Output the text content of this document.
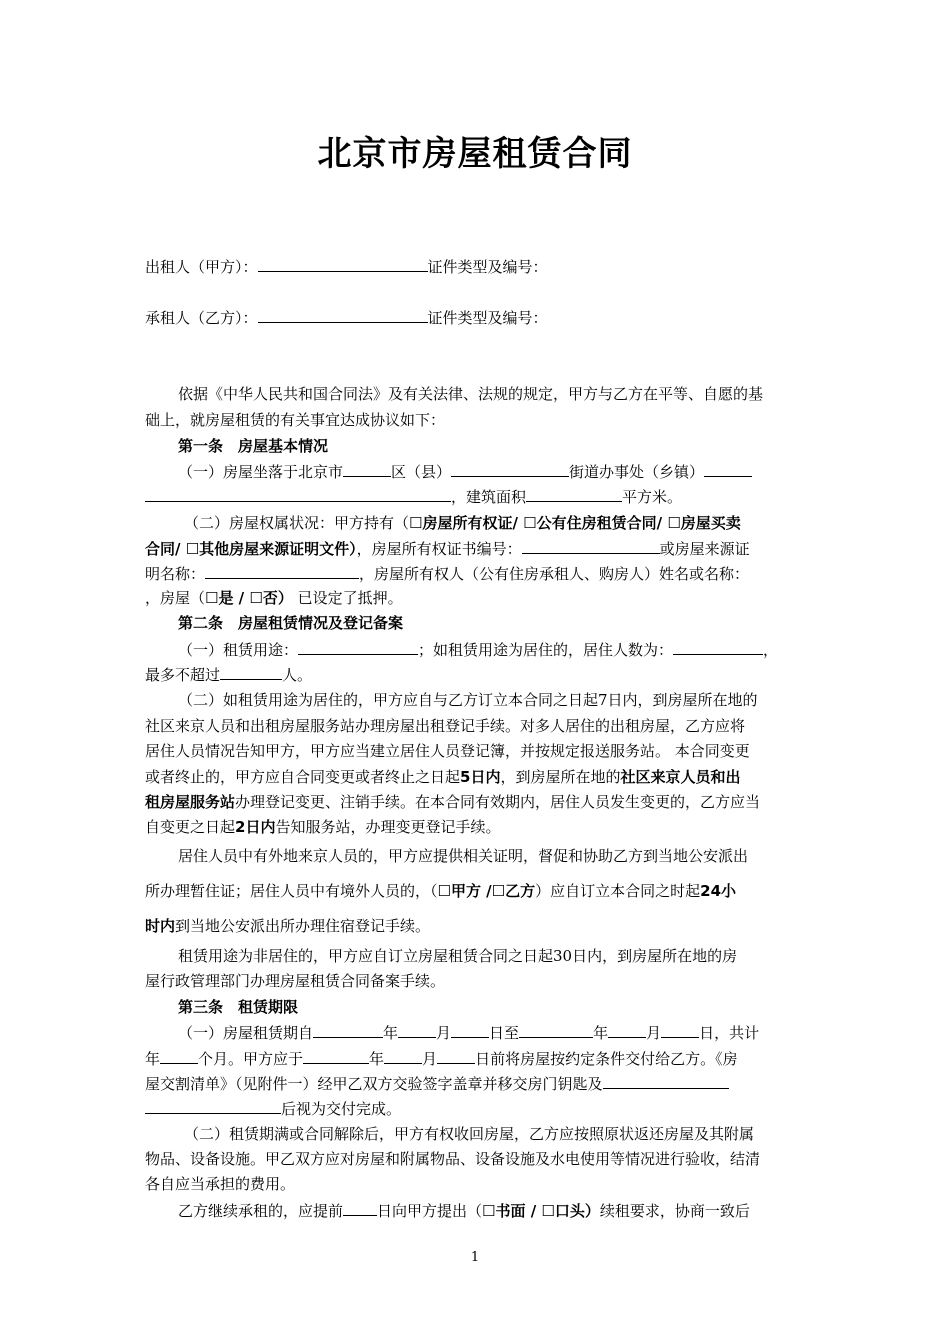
北京市房屋租赁合同
出租人（甲方）：	证件类型及编号：
承租人（乙方）：	证件类型及编号：
依据《中华人民共和国合同法》及有关法律、法规的规定，甲方与乙方在平等、自愿的基
础上，就房屋租赁的有关事宜达成协议如下：
第一条　房屋基本情况
（一）房屋坐落于北京市	区（县）	街道办事处（乡镇）
，建筑面积	平方米。
（二）房屋权属状况：甲方持有（☐房屋所有权证/ ☐公有住房租赁合同/ ☐房屋买卖
合同/ ☐其他房屋来源证明文件），房屋所有权证书编号：	或房屋来源证
明名称：	，房屋所有权人（公有住房承租人、购房人）姓名或名称：
，房屋（☐是 / ☐否） 已设定了抵押。
第二条　房屋租赁情况及登记备案
（一）租赁用途：	；如租赁用途为居住的，居住人数为：	，
最多不超过	人。
（二）如租赁用途为居住的，甲方应自与乙方订立本合同之日起7日内，到房屋所在地的
社区来京人员和出租房屋服务站办理房屋出租登记手续。对多人居住的出租房屋，乙方应将
居住人员情况告知甲方，甲方应当建立居住人员登记簿，并按规定报送服务站。 本合同变更
或者终止的，甲方应自合同变更或者终止之日起5日内，到房屋所在地的社区来京人员和出
租房屋服务站办理登记变更、注销手续。在本合同有效期内，居住人员发生变更的，乙方应当
自变更之日起2日内告知服务站，办理变更登记手续。
居住人员中有外地来京人员的，甲方应提供相关证明，督促和协助乙方到当地公安派出
所办理暂住证；居住人员中有境外人员的，（☐甲方 /☐乙方）应自订立本合同之时起24小
时内到当地公安派出所办理住宿登记手续。
租赁用途为非居住的，甲方应自订立房屋租赁合同之日起30日内，到房屋所在地的房
屋行政管理部门办理房屋租赁合同备案手续。
第三条　租赁期限
（一）房屋租赁期自	年	月	日至	年	月	日，共计
年	个月。甲方应于	年	月	日前将房屋按约定条件交付给乙方。《房
屋交割清单》（见附件一）经甲乙双方交验签字盖章并移交房门钥匙及
后视为交付完成。
（二）租赁期满或合同解除后，甲方有权收回房屋，乙方应按照原状返还房屋及其附属
物品、设备设施。甲乙双方应对房屋和附属物品、设备设施及水电使用等情况进行验收，结清
各自应当承担的费用。
乙方继续承租的，应提前 日向甲方提出（☐书面 / ☐口头）续租要求，协商一致后
1
